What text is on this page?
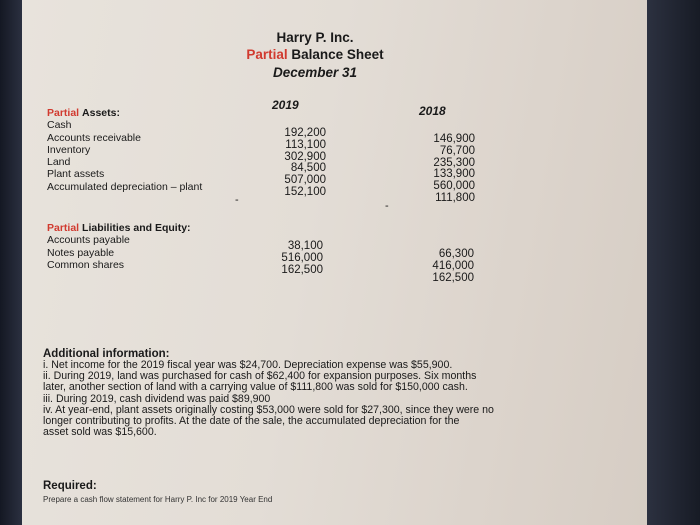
Harry P. Inc.
Partial Balance Sheet
December 31
2019	2018
Partial Assets:
Cash
Accounts receivable
Inventory
Land
Plant assets
Accumulated depreciation – plant
192,200
113,100
302,900
84,500
507,000
152,100
-
146,900
76,700
235,300
133,900
560,000
111,800
-
Partial Liabilities and Equity:
Accounts payable
Notes payable
Common shares
38,100
516,000
162,500
66,300
416,000
162,500
Additional information:
i. Net income for the 2019 fiscal year was $24,700. Depreciation expense was $55,900.
ii. During 2019, land was purchased for cash of $62,400 for expansion purposes. Six months
later, another section of land with a carrying value of $111,800 was sold for $150,000 cash.
iii. During 2019, cash dividend was paid $89,900
iv. At year-end, plant assets originally costing $53,000 were sold for $27,300, since they were no
longer contributing to profits. At the date of the sale, the accumulated depreciation for the
asset sold was $15,600.
Required:
Prepare a cash flow statement for Harry P. Inc for 2019 Year End
